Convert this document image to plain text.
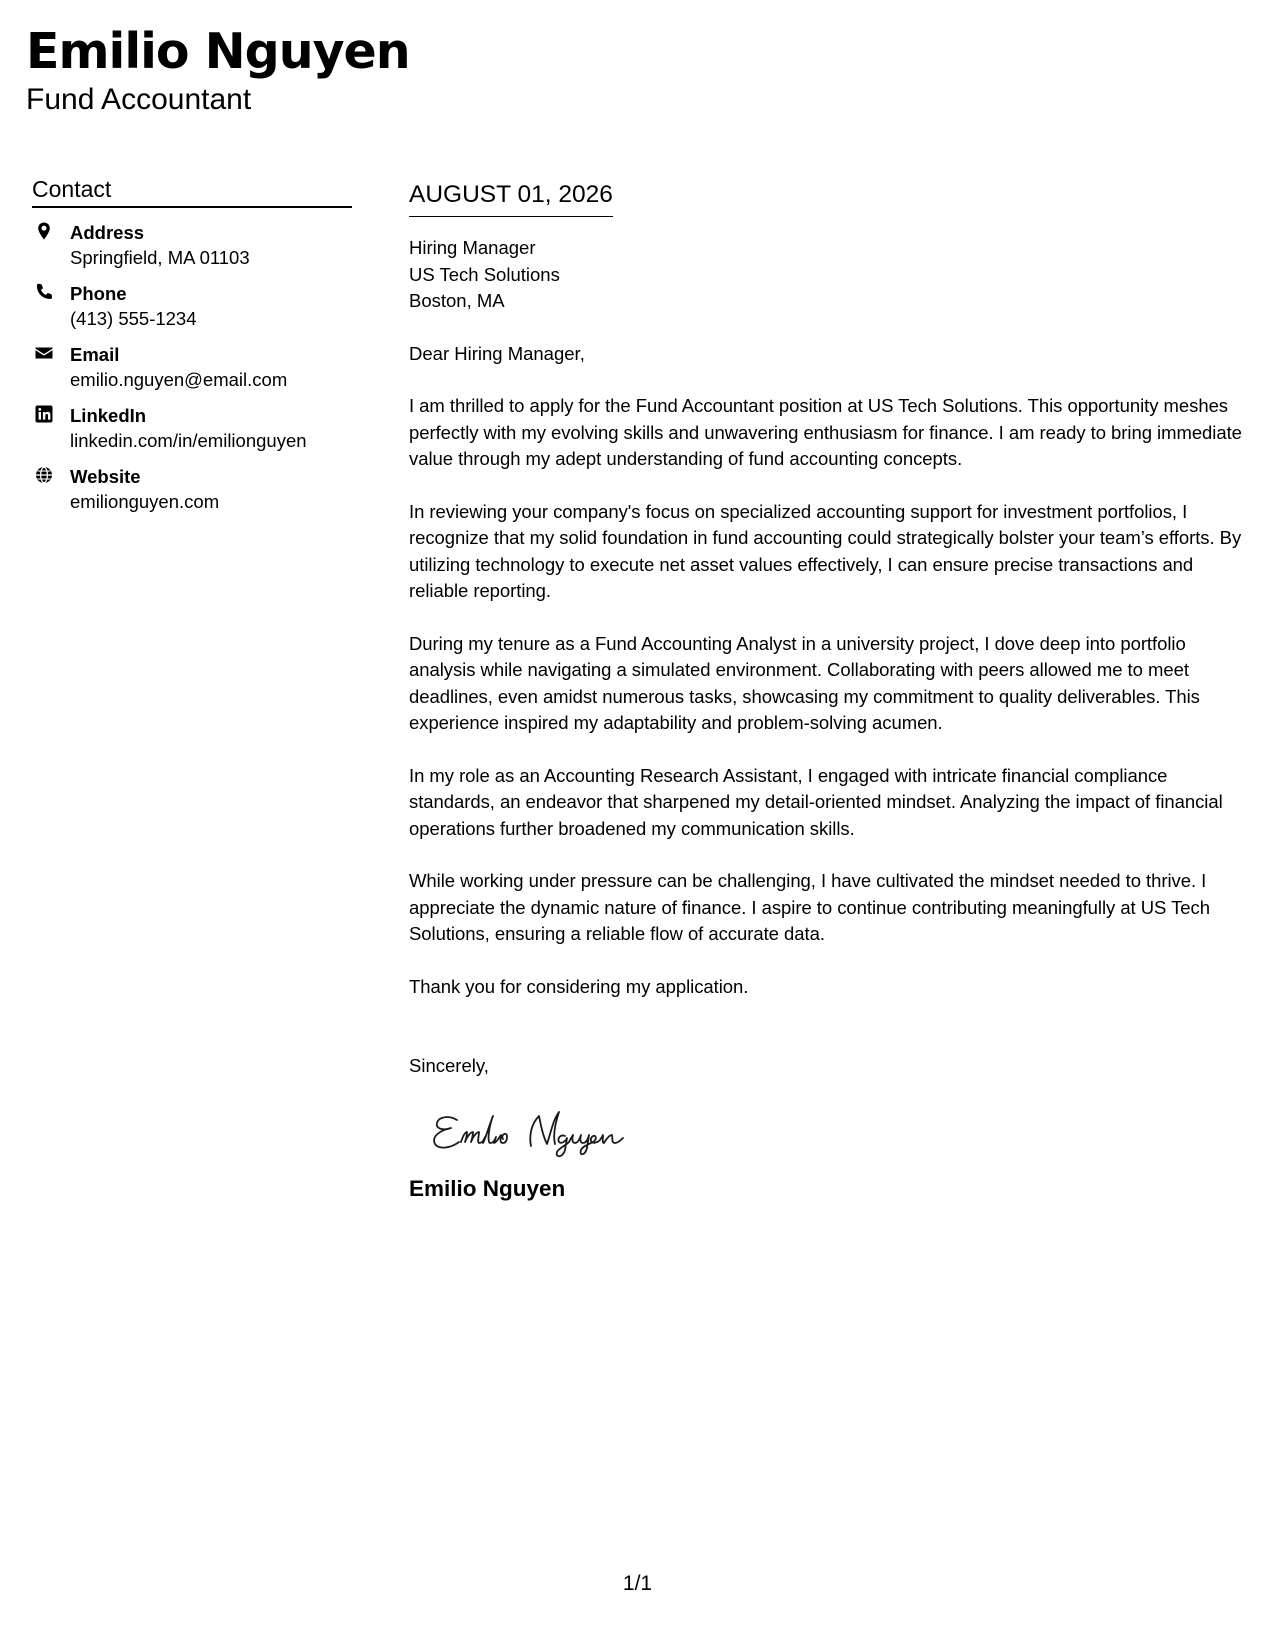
Emilio Nguyen
Fund Accountant
Contact
Address
Springfield, MA 01103
Phone
(413) 555-1234
Email
emilio.nguyen@email.com
LinkedIn
linkedin.com/in/emilionguyen
Website
emilionguyen.com
AUGUST 01, 2026
Hiring Manager
US Tech Solutions
Boston, MA
Dear Hiring Manager,
I am thrilled to apply for the Fund Accountant position at US Tech Solutions. This opportunity meshes perfectly with my evolving skills and unwavering enthusiasm for finance. I am ready to bring immediate value through my adept understanding of fund accounting concepts.
In reviewing your company's focus on specialized accounting support for investment portfolios, I recognize that my solid foundation in fund accounting could strategically bolster your team’s efforts. By utilizing technology to execute net asset values effectively, I can ensure precise transactions and reliable reporting.
During my tenure as a Fund Accounting Analyst in a university project, I dove deep into portfolio analysis while navigating a simulated environment. Collaborating with peers allowed me to meet deadlines, even amidst numerous tasks, showcasing my commitment to quality deliverables. This experience inspired my adaptability and problem-solving acumen.
In my role as an Accounting Research Assistant, I engaged with intricate financial compliance standards, an endeavor that sharpened my detail-oriented mindset. Analyzing the impact of financial operations further broadened my communication skills.
While working under pressure can be challenging, I have cultivated the mindset needed to thrive. I appreciate the dynamic nature of finance. I aspire to continue contributing meaningfully at US Tech Solutions, ensuring a reliable flow of accurate data.
Thank you for considering my application.
Sincerely,
Emilio Nguyen
1/1
